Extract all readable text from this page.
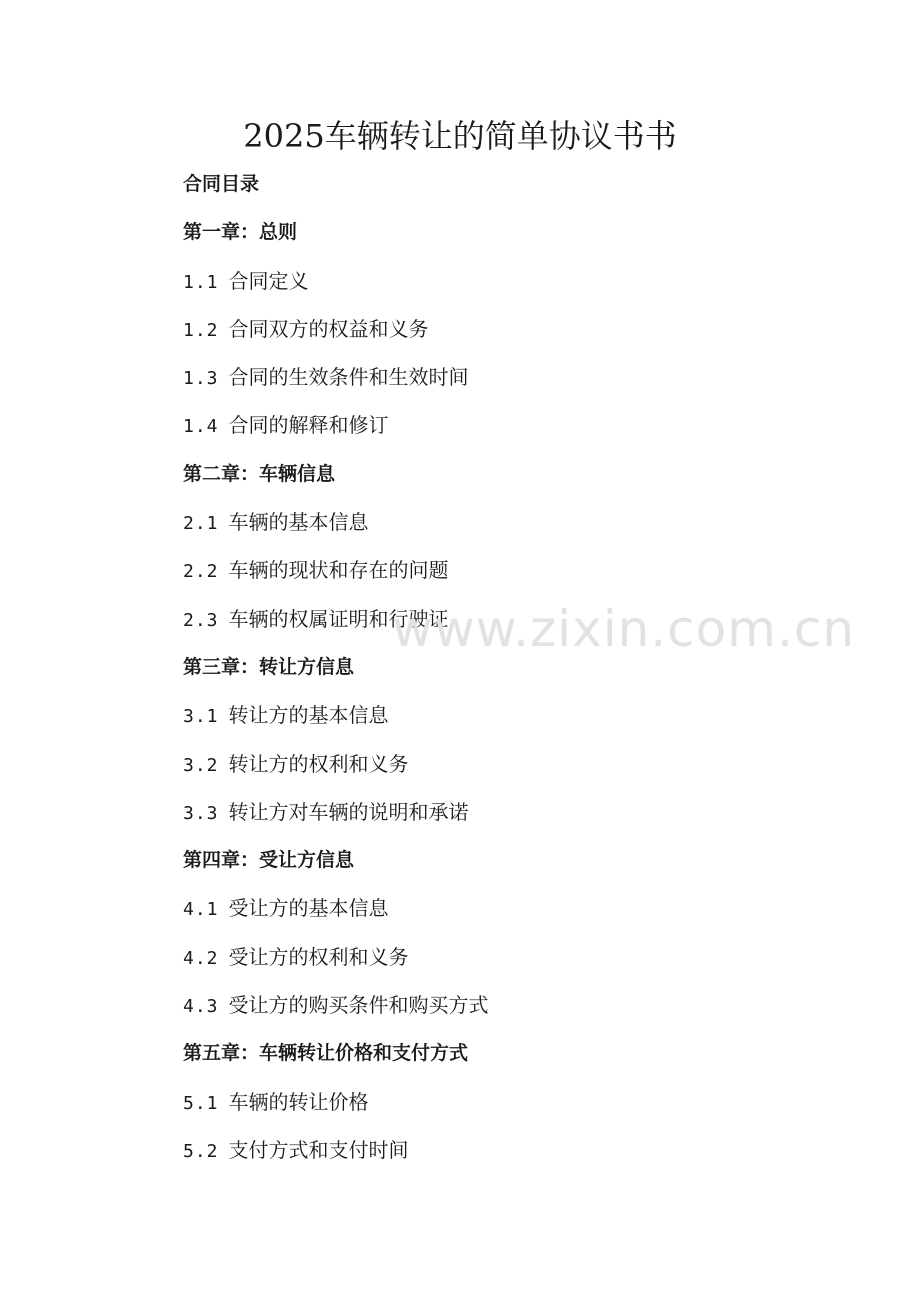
2025车辆转让的简单协议书书
合同目录
第一章：总则
1.1 合同定义
1.2 合同双方的权益和义务
1.3 合同的生效条件和生效时间
1.4 合同的解释和修订
第二章：车辆信息
2.1 车辆的基本信息
2.2 车辆的现状和存在的问题
2.3 车辆的权属证明和行驶证
第三章：转让方信息
3.1 转让方的基本信息
3.2 转让方的权利和义务
3.3 转让方对车辆的说明和承诺
第四章：受让方信息
4.1 受让方的基本信息
4.2 受让方的权利和义务
4.3 受让方的购买条件和购买方式
第五章：车辆转让价格和支付方式
5.1 车辆的转让价格
5.2 支付方式和支付时间
www.zixin.com.cn
